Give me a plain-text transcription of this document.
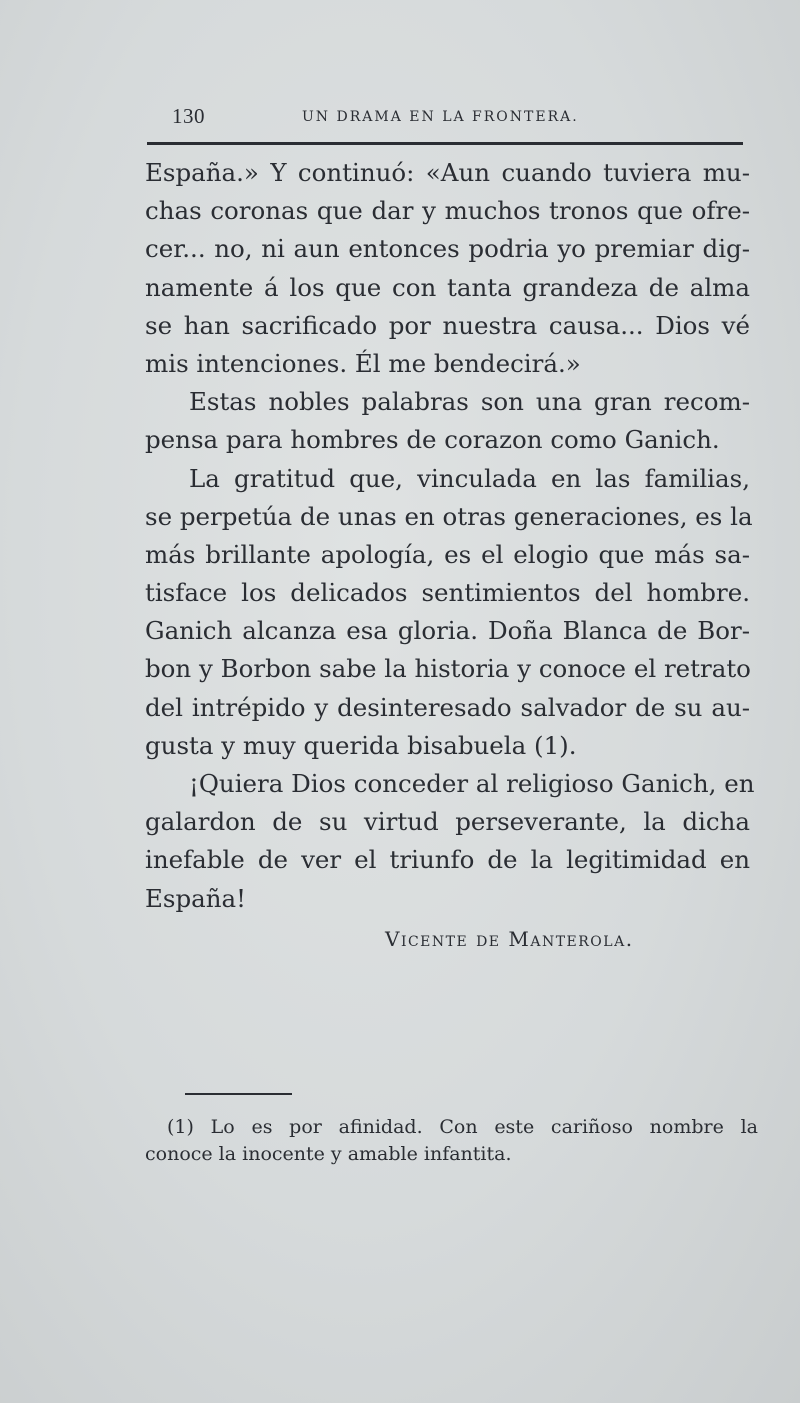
130	UN DRAMA EN LA FRONTERA.
España.» Y continuó: «Aun cuando tuviera mu-
chas coronas que dar y muchos tronos que ofre-
cer... no, ni aun entonces podria yo premiar dig-
namente á los que con tanta grandeza de alma
se han sacrificado por nuestra causa... Dios vé
mis intenciones. Él me bendecirá.»
Estas nobles palabras son una gran recom-
pensa para hombres de corazon como Ganich.
La gratitud que, vinculada en las familias,
se perpetúa de unas en otras generaciones, es la
más brillante apología, es el elogio que más sa-
tisface los delicados sentimientos del hombre.
Ganich alcanza esa gloria. Doña Blanca de Bor-
bon y Borbon sabe la historia y conoce el retrato
del intrépido y desinteresado salvador de su au-
gusta y muy querida bisabuela (1).
¡Quiera Dios conceder al religioso Ganich, en
galardon de su virtud perseverante, la dicha
inefable de ver el triunfo de la legitimidad en
España!
Vicente de Manterola.
(1) Lo es por afinidad. Con este cariñoso nombre la
conoce la inocente y amable infantita.
